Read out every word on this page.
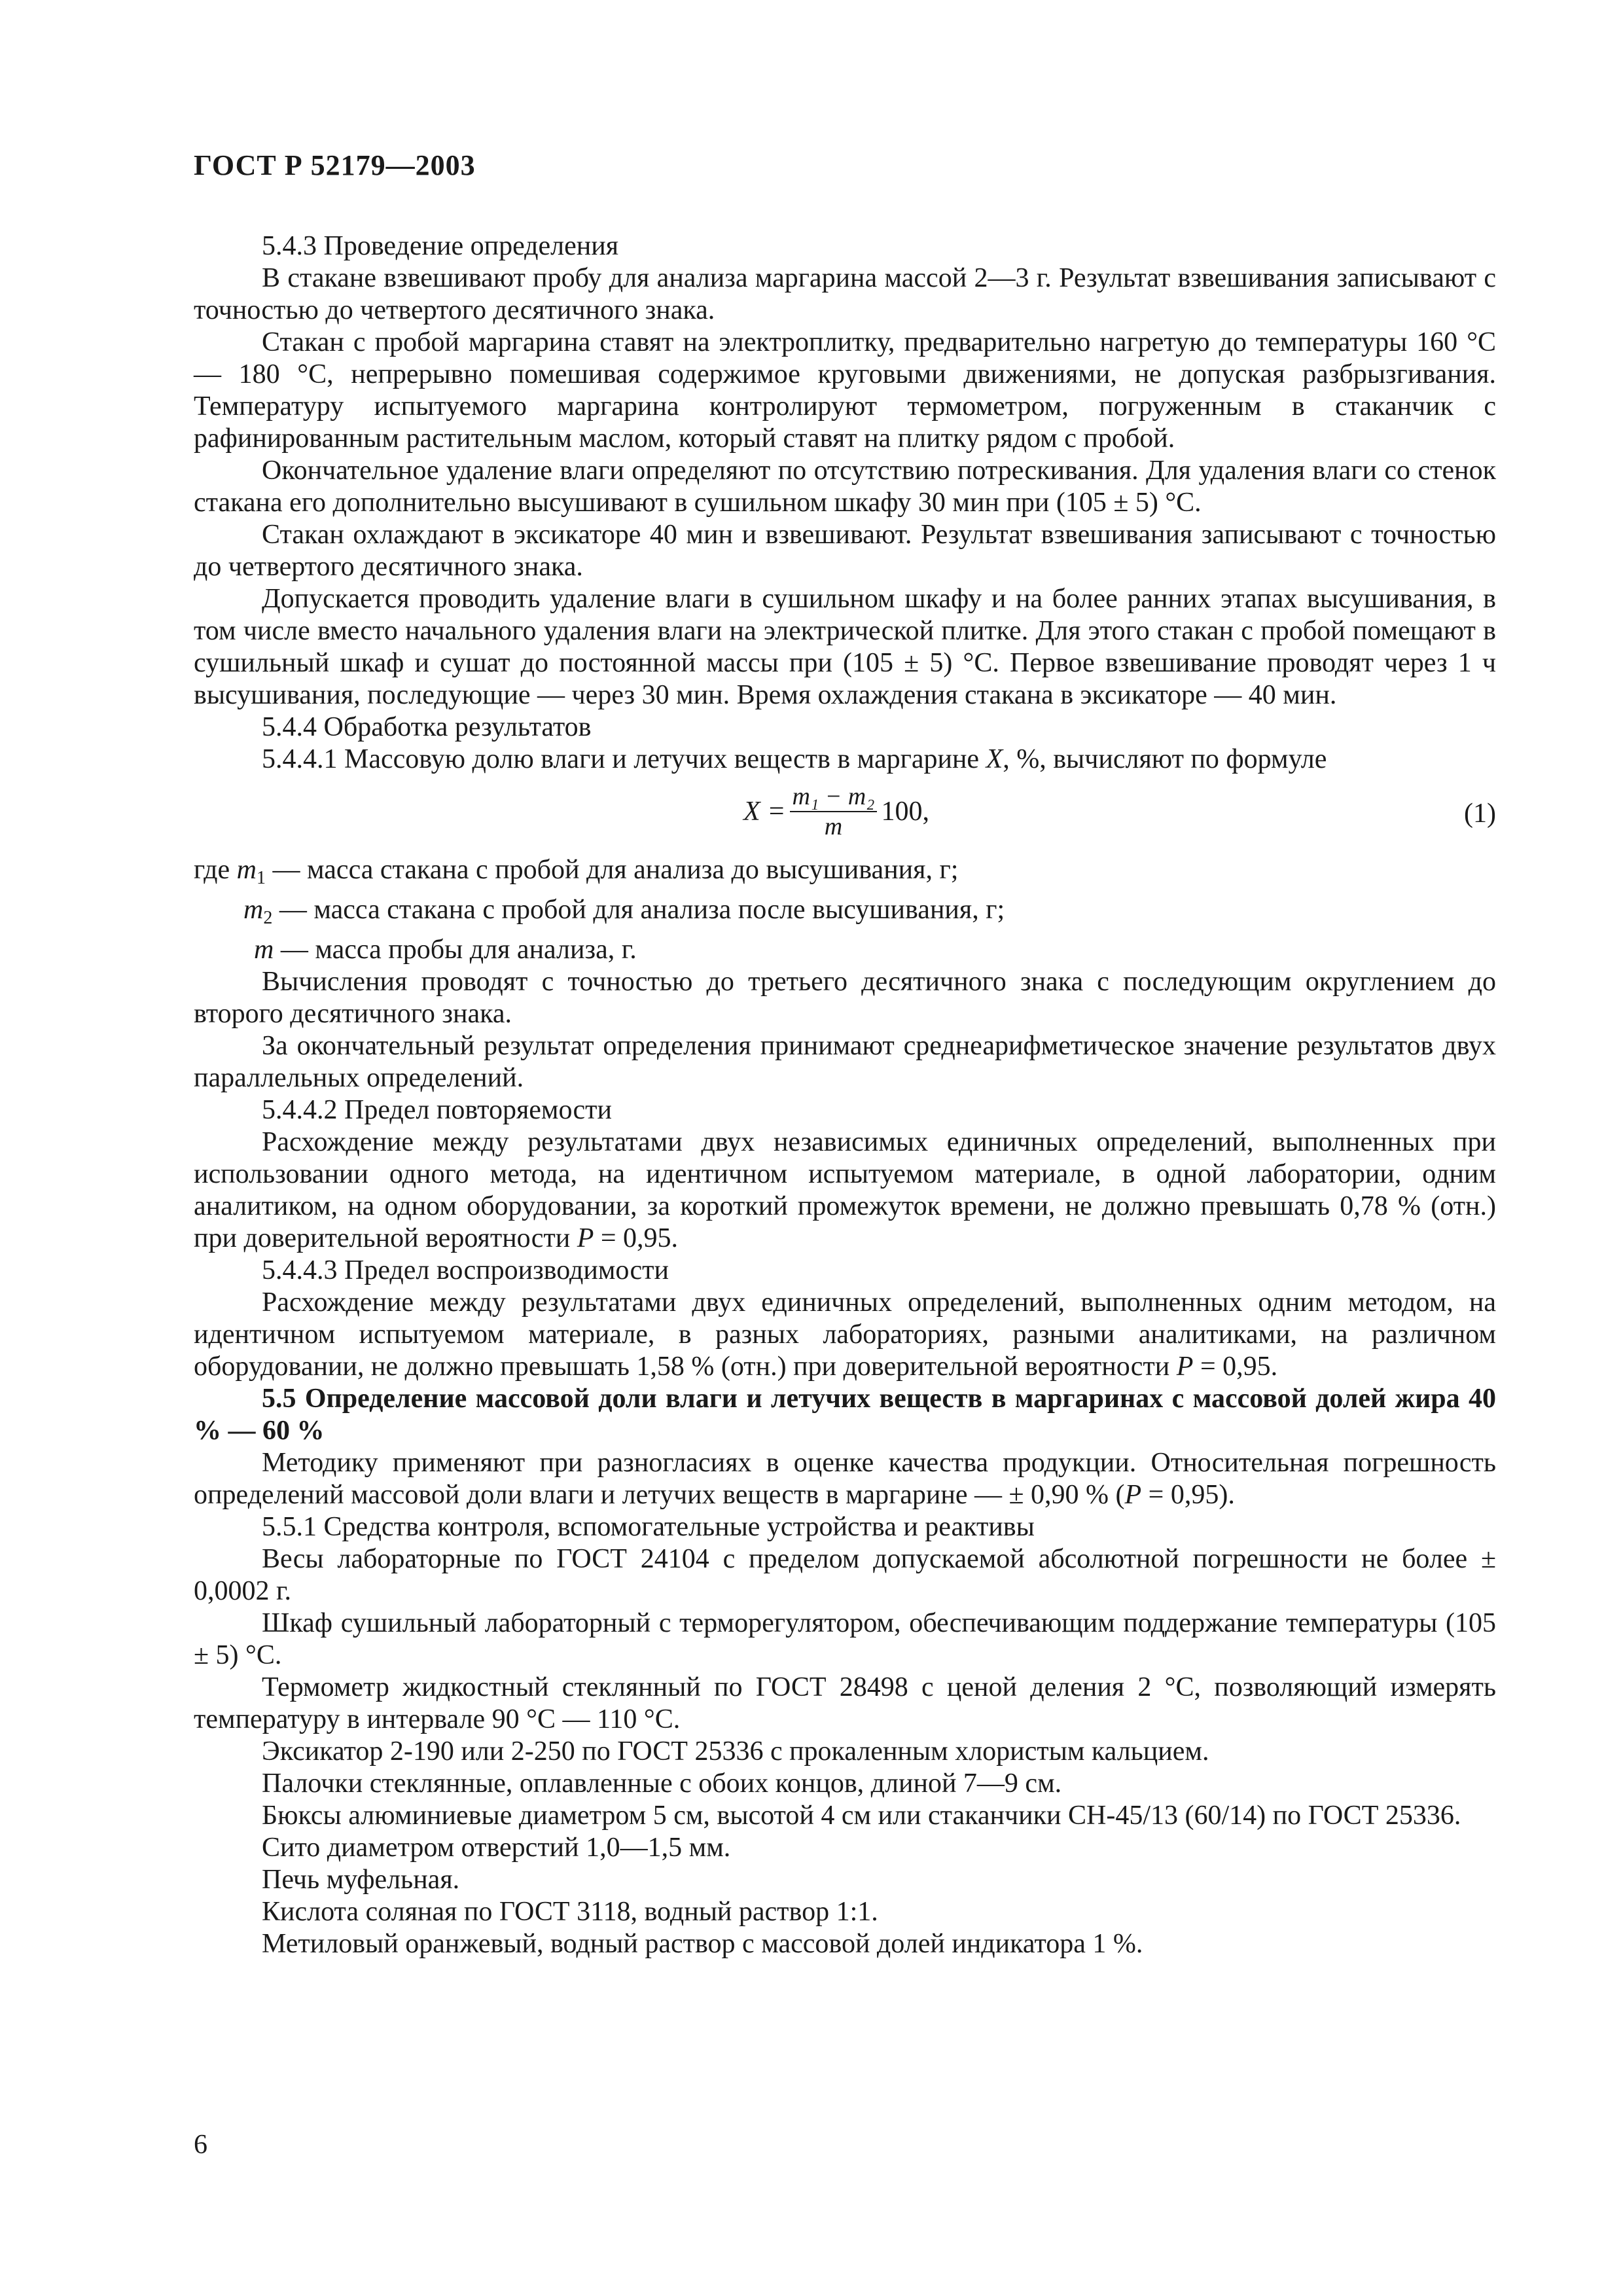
ГОСТ Р 52179—2003

5.4.3 Проведение определения

В стакане взвешивают пробу для анализа маргарина массой 2—3 г. Результат взвешивания записывают с точностью до четвертого десятичного знака.

Стакан с пробой маргарина ставят на электроплитку, предварительно нагретую до температуры 160 °С — 180 °С, непрерывно помешивая содержимое круговыми движениями, не допуская разбрызгивания. Температуру испытуемого маргарина контролируют термометром, погруженным в стаканчик с рафинированным растительным маслом, который ставят на плитку рядом с пробой.

Окончательное удаление влаги определяют по отсутствию потрескивания. Для удаления влаги со стенок стакана его дополнительно высушивают в сушильном шкафу 30 мин при (105 ± 5) °С.

Стакан охлаждают в эксикаторе 40 мин и взвешивают. Результат взвешивания записывают с точностью до четвертого десятичного знака.

Допускается проводить удаление влаги в сушильном шкафу и на более ранних этапах высушивания, в том числе вместо начального удаления влаги на электрической плитке. Для этого стакан с пробой помещают в сушильный шкаф и сушат до постоянной массы при (105 ± 5) °С. Первое взвешивание проводят через 1 ч высушивания, последующие — через 30 мин. Время охлаждения стакана в эксикаторе — 40 мин.

5.4.4 Обработка результатов

5.4.4.1 Массовую долю влаги и летучих веществ в маргарине X, %, вычисляют по формуле

$X = \frac{\text{m₁ − m₂}}{m} 100$,	(1)

где $m_1$ — масса стакана с пробой для анализа до высушивания, г;

$m_2$ — масса стакана с пробой для анализа после высушивания, г;

m — масса пробы для анализа, г.

Вычисления проводят с точностью до третьего десятичного знака с последующим округлением до второго десятичного знака.

За окончательный результат определения принимают среднеарифметическое значение результатов двух параллельных определений.

5.4.4.2 Предел повторяемости

Расхождение между результатами двух независимых единичных определений, выполненных при использовании одного метода, на идентичном испытуемом материале, в одной лаборатории, одним аналитиком, на одном оборудовании, за короткий промежуток времени, не должно превышать 0,78 % (отн.) при доверительной вероятности P = 0,95.

5.4.4.3 Предел воспроизводимости

Расхождение между результатами двух единичных определений, выполненных одним методом, на идентичном испытуемом материале, в разных лабораториях, разными аналитиками, на различном оборудовании, не должно превышать 1,58 % (отн.) при доверительной вероятности P = 0,95.

5.5 Определение массовой доли влаги и летучих веществ в маргаринах с массовой долей жира 40 % — 60 %

Методику применяют при разногласиях в оценке качества продукции. Относительная погрешность определений массовой доли влаги и летучих веществ в маргарине — ± 0,90 % (P = 0,95).

5.5.1 Средства контроля, вспомогательные устройства и реактивы

Весы лабораторные по ГОСТ 24104 с пределом допускаемой абсолютной погрешности не более ± 0,0002 г.

Шкаф сушильный лабораторный с терморегулятором, обеспечивающим поддержание температуры (105 ± 5) °С.

Термометр жидкостный стеклянный по ГОСТ 28498 с ценой деления 2 °С, позволяющий измерять температуру в интервале 90 °С — 110 °С.

Эксикатор 2-190 или 2-250 по ГОСТ 25336 с прокаленным хлористым кальцием.

Палочки стеклянные, оплавленные с обоих концов, длиной 7—9 см.

Бюксы алюминиевые диаметром 5 см, высотой 4 см или стаканчики СН-45/13 (60/14) по ГОСТ 25336.

Сито диаметром отверстий 1,0—1,5 мм.

Печь муфельная.

Кислота соляная по ГОСТ 3118, водный раствор 1:1.

Метиловый оранжевый, водный раствор с массовой долей индикатора 1 %.

6
